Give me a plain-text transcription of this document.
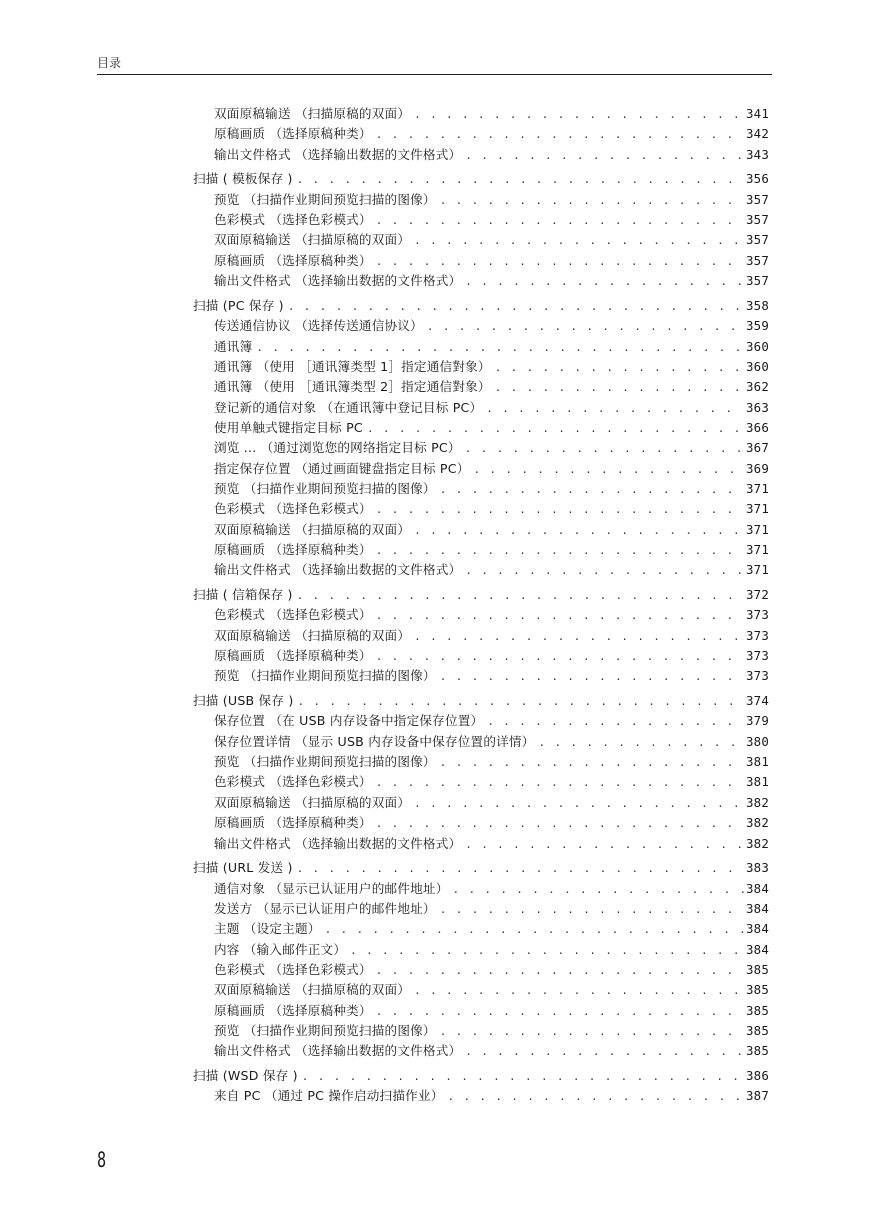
目录
双面原稿输送 （扫描原稿的双面） . . .	341
原稿画质 （选择原稿种类） . . .	342
输出文件格式 （选择输出数据的文件格式） . . .	343
扫描 ( 模板保存 ) . . .	356
预览 （扫描作业期间预览扫描的图像） . . .	357
色彩模式 （选择色彩模式） . . .	357
双面原稿输送 （扫描原稿的双面） . . .	357
原稿画质 （选择原稿种类） . . .	357
输出文件格式 （选择输出数据的文件格式） . . .	357
扫描 (PC 保存 ) . . .	358
传送通信协议 （选择传送通信协议） . . .	359
通讯簿 . . .	360
通讯簿 （使用 ［通讯簿类型 1］指定通信對象） . . .	360
通讯簿 （使用 ［通讯簿类型 2］指定通信對象） . . .	362
登记新的通信对象 （在通讯簿中登记目标 PC） . . .	363
使用单触式键指定目标 PC . . .	366
浏览 ... （通过浏览您的网络指定目标 PC） . . .	367
指定保存位置 （通过画面键盘指定目标 PC） . . .	369
预览 （扫描作业期间预览扫描的图像） . . .	371
色彩模式 （选择色彩模式） . . .	371
双面原稿输送 （扫描原稿的双面） . . .	371
原稿画质 （选择原稿种类） . . .	371
输出文件格式 （选择输出数据的文件格式） . . .	371
扫描 ( 信箱保存 ) . . .	372
色彩模式 （选择色彩模式） . . .	373
双面原稿输送 （扫描原稿的双面） . . .	373
原稿画质 （选择原稿种类） . . .	373
预览 （扫描作业期间预览扫描的图像） . . .	373
扫描 (USB 保存 ) . . .	374
保存位置 （在 USB 内存设备中指定保存位置） . . .	379
保存位置详情 （显示 USB 内存设备中保存位置的详情） . . .	380
预览 （扫描作业期间预览扫描的图像） . . .	381
色彩模式 （选择色彩模式） . . .	381
双面原稿输送 （扫描原稿的双面） . . .	382
原稿画质 （选择原稿种类） . . .	382
输出文件格式 （选择输出数据的文件格式） . . .	382
扫描 (URL 发送 ) . . .	383
通信对象 （显示已认证用户的邮件地址） . . .	384
发送方 （显示已认证用户的邮件地址） . . .	384
主题 （设定主题） . . .	384
内容 （输入邮件正文） . . .	384
色彩模式 （选择色彩模式） . . .	385
双面原稿输送 （扫描原稿的双面） . . .	385
原稿画质 （选择原稿种类） . . .	385
预览 （扫描作业期间预览扫描的图像） . . .	385
输出文件格式 （选择输出数据的文件格式） . . .	385
扫描 (WSD 保存 ) . . .	386
来自 PC （通过 PC 操作启动扫描作业） . . .	387
8
